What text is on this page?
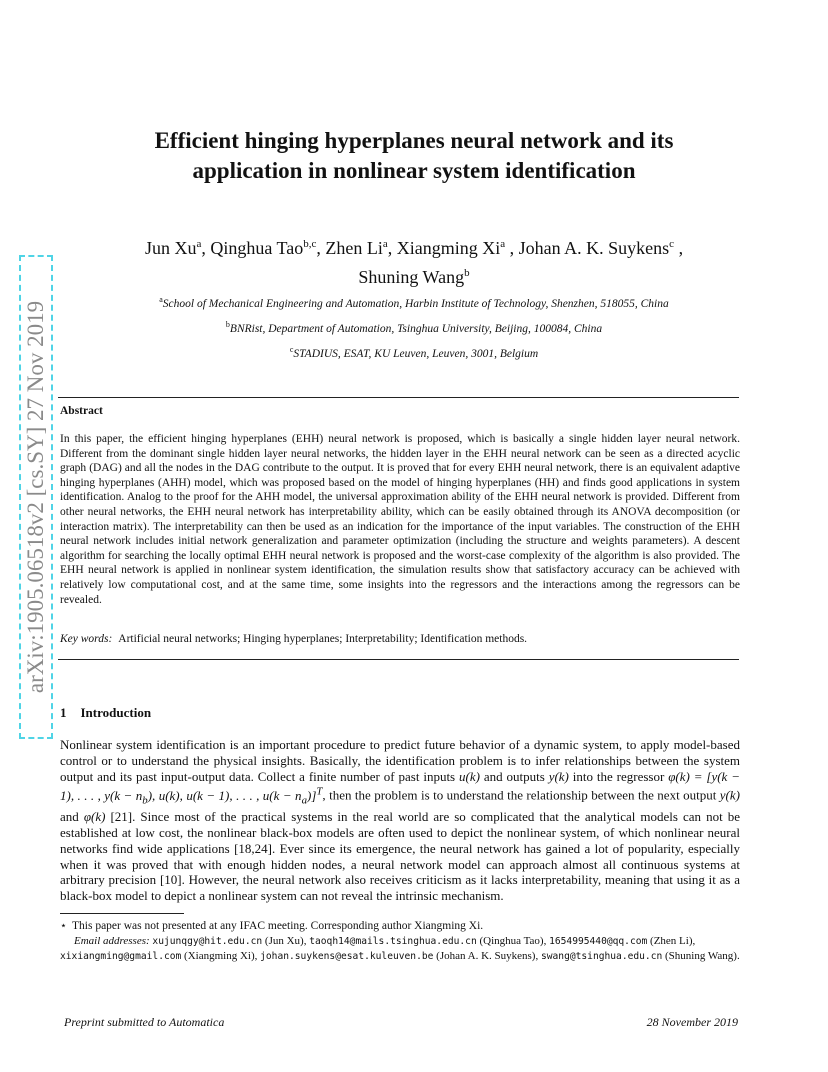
arXiv:1905.06518v2 [cs.SY] 27 Nov 2019
Efficient hinging hyperplanes neural network and its
application in nonlinear system identification
Jun Xu$^a$, Qinghua Tao$^{b,c}$, Zhen Li$^a$, Xiangming Xi$^a$ , Johan A. K. Suykens$^c$ ,
Shuning Wang$^b$
$^a$School of Mechanical Engineering and Automation, Harbin Institute of Technology, Shenzhen, 518055, China
$^b$BNRist, Department of Automation, Tsinghua University, Beijing, 100084, China
$^c$STADIUS, ESAT, KU Leuven, Leuven, 3001, Belgium
Abstract

In this paper, the efficient hinging hyperplanes (EHH) neural network is proposed, which is basically a single hidden layer neural network. Different from the dominant single hidden layer neural networks, the hidden layer in the EHH neural network can be seen as a directed acyclic graph (DAG) and all the nodes in the DAG contribute to the output. It is proved that for every EHH neural network, there is an equivalent adaptive hinging hyperplanes (AHH) model, which was proposed based on the model of hinging hyperplanes (HH) and finds good applications in system identification. Analog to the proof for the AHH model, the universal approximation ability of the EHH neural network is provided. Different from other neural networks, the EHH neural network has interpretability ability, which can be easily obtained through its ANOVA decomposition (or interaction matrix). The interpretability can then be used as an indication for the importance of the input variables. The construction of the EHH neural network includes initial network generalization and parameter optimization (including the structure and weights parameters). A descent algorithm for searching the locally optimal EHH neural network is proposed and the worst-case complexity of the algorithm is also provided. The EHH neural network is applied in nonlinear system identification, the simulation results show that satisfactory accuracy can be achieved with relatively low computational cost, and at the same time, some insights into the regressors and the interactions among the regressors can be revealed.

Key words: Artificial neural networks; Hinging hyperplanes; Interpretability; Identification methods.
1 Introduction

Nonlinear system identification is an important procedure to predict future behavior of a dynamic system, to apply model-based control or to understand the physical insights. Basically, the identification problem is to infer relationships between the system output and its past input-output data. Collect a finite number of past inputs u(k) and outputs y(k) into the regressor φ(k) = [y(k − 1), . . . , $y(k - n_b)$, u(k), u(k − 1), . . . , $u(k - n_a)]^T$, then the problem is to understand the relationship between the next output y(k) and φ(k) [21]. Since most of the practical systems in the real world are so complicated that the analytical models can not be established at low cost, the nonlinear black-box models are often used to depict the nonlinear system, of which nonlinear neural networks find wide applications [18,24]. Ever since its emergence, the neural network has gained a lot of popularity, especially when it was proved that with enough hidden nodes, a neural network model can approach almost all continuous systems at arbitrary precision [10]. However, the neural network also receives criticism as it lacks interpretability, meaning that using it as a black-box model to depict a nonlinear system can not reveal the intrinsic mechanism.

⋆ This paper was not presented at any IFAC meeting. Corresponding author Xiangming Xi.
Email addresses: xujunqgy@hit.edu.cn (Jun Xu), taoqh14@mails.tsinghua.edu.cn (Qinghua Tao), 1654995440@qq.com (Zhen Li), xixiangming@gmail.com (Xiangming Xi), johan.suykens@esat.kuleuven.be (Johan A. K. Suykens), swang@tsinghua.edu.cn (Shuning Wang).
Preprint submitted to Automatica	28 November 2019
